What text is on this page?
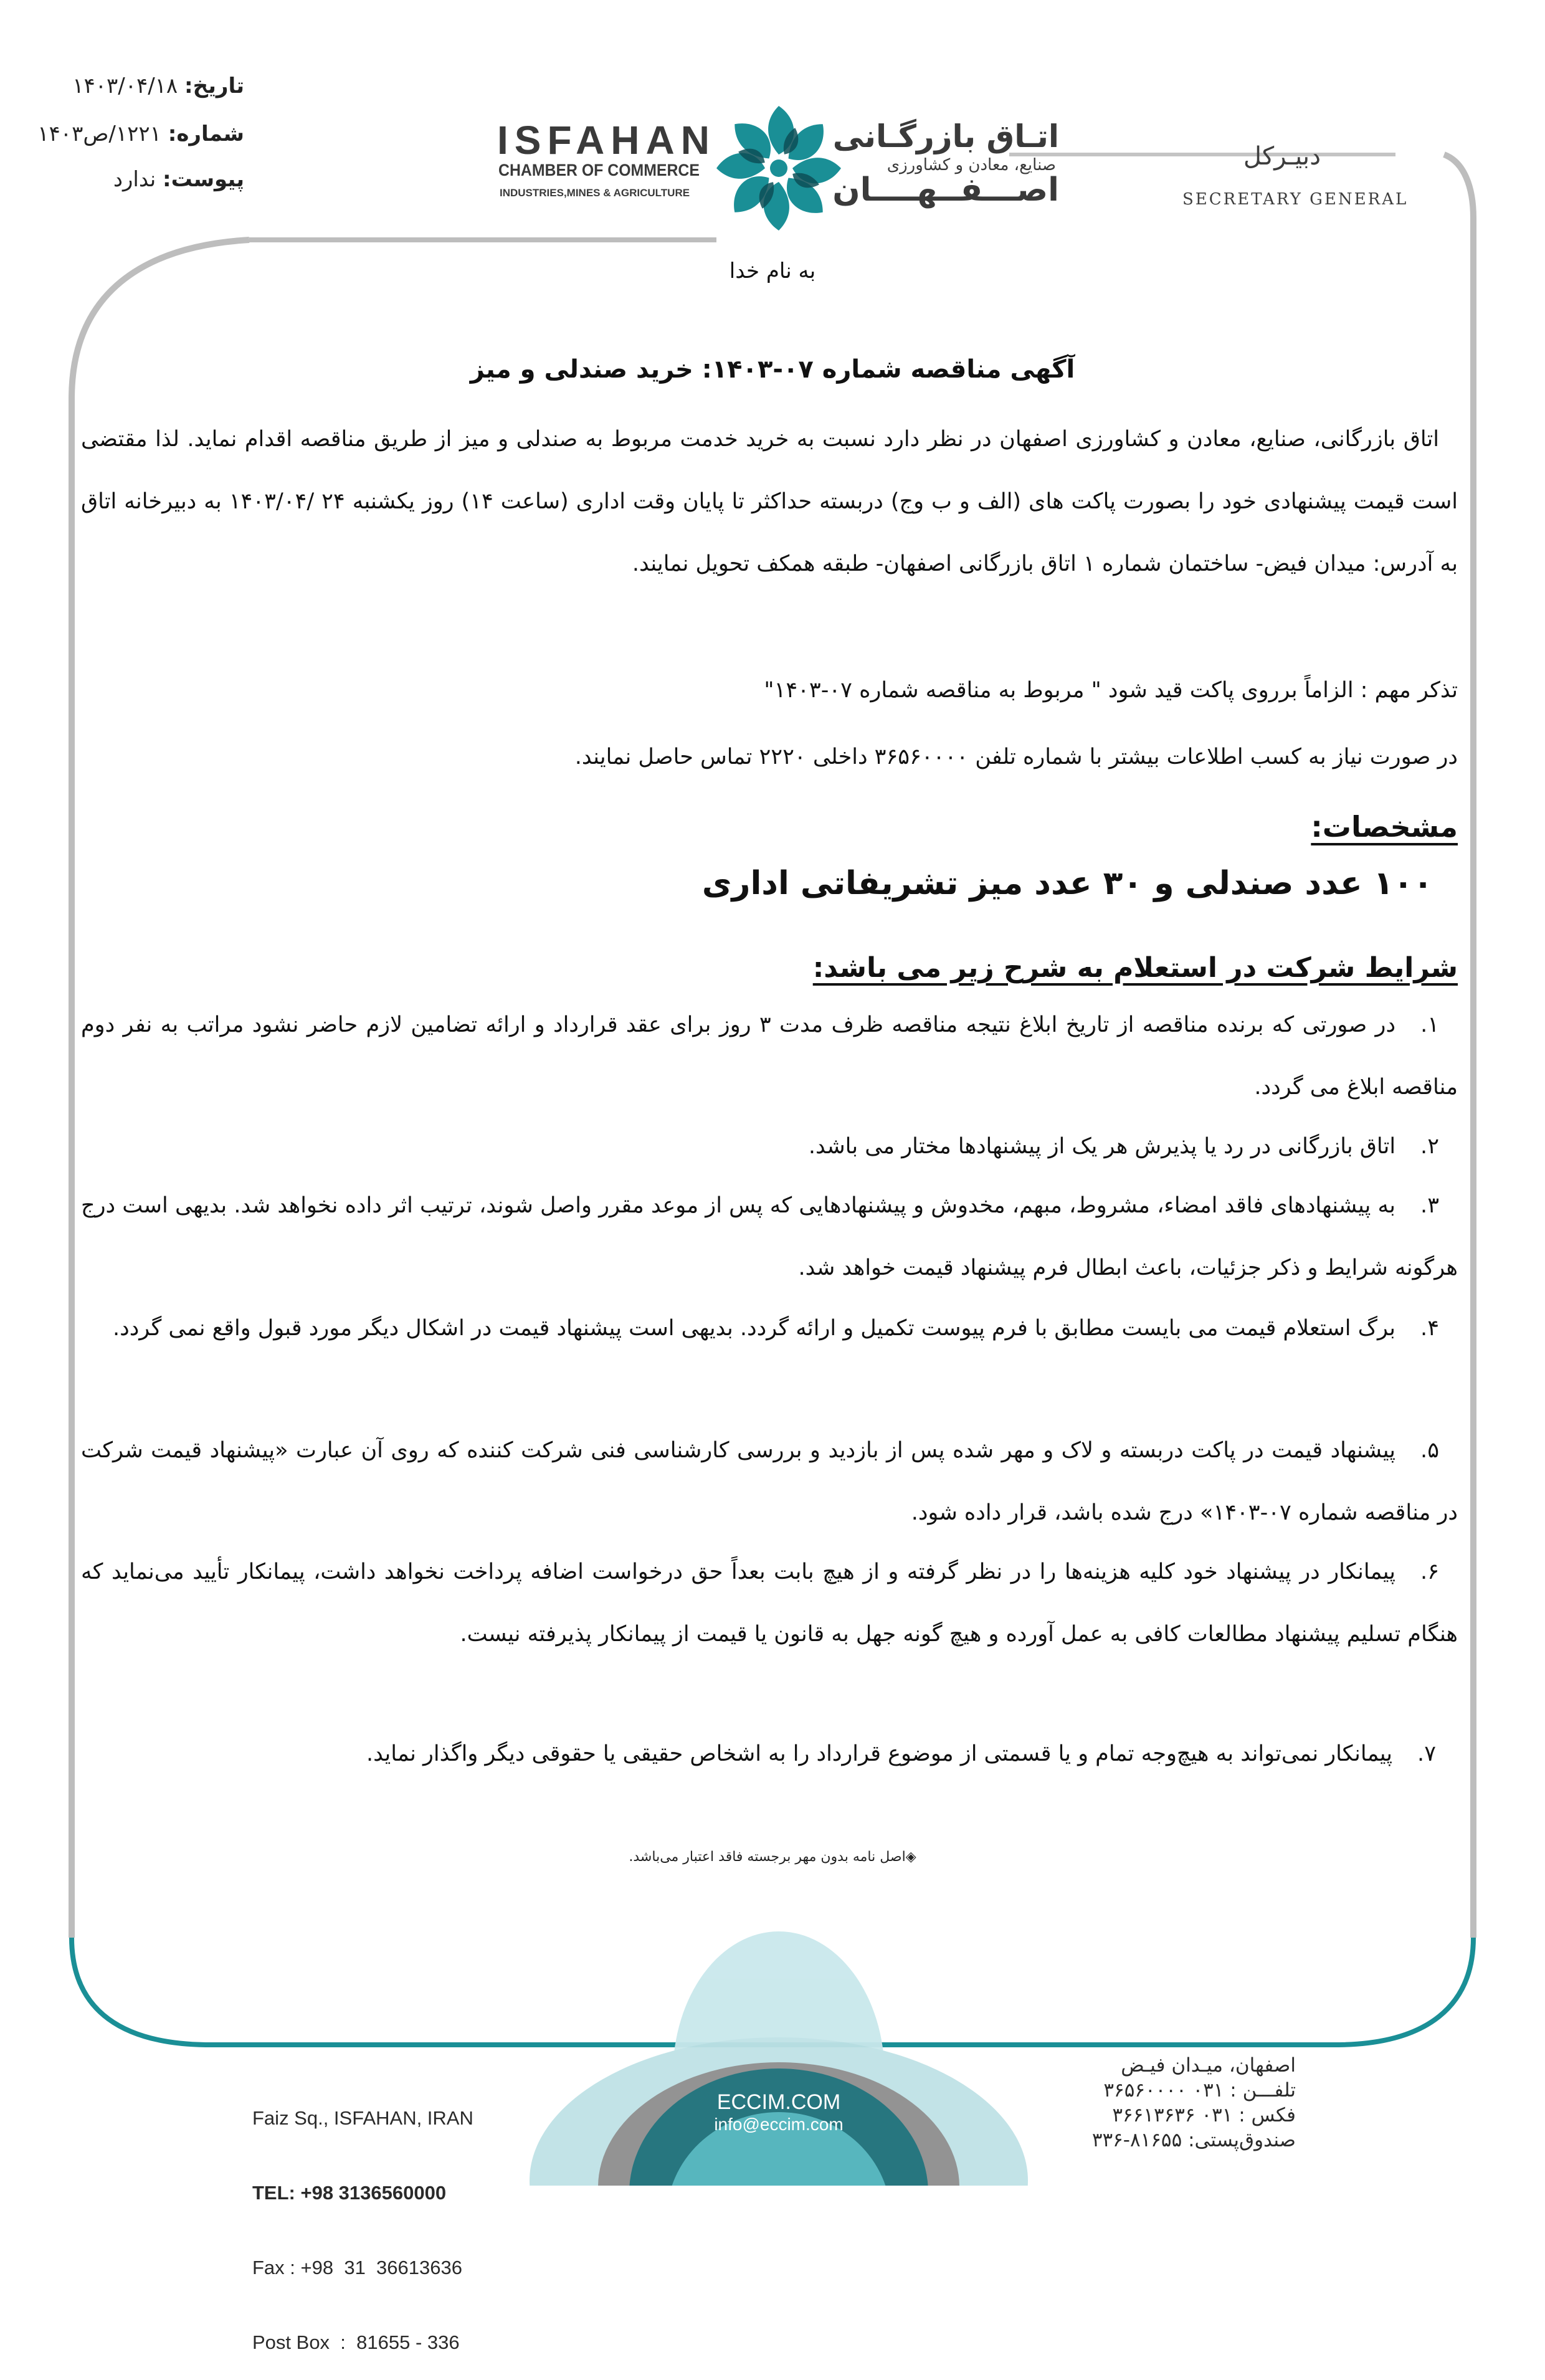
تاریخ: ۱۴۰۳/۰۴/۱۸
شماره: ۱۲۲۱/ص۱۴۰۳
پیوست: ندارد
ISFAHAN
CHAMBER OF COMMERCE
INDUSTRIES,MINES & AGRICULTURE
اتـاق بازرگـانی
صنایع، معادن و کشاورزی
اصـــفــهــــان
دبیـرکل
SECRETARY GENERAL
به نام خدا
آگهی مناقصه شماره ۰۷-۱۴۰۳: خرید صندلی و میز
اتاق بازرگانی، صنایع، معادن و کشاورزی اصفهان در نظر دارد نسبت به خرید خدمت مربوط به صندلی و میز از طریق مناقصه اقدام نماید. لذا مقتضی است قیمت پیشنهادی خود را بصورت پاکت های (الف و ب وج) دربسته حداکثر تا پایان وقت اداری (ساعت ۱۴) روز یکشنبه ۲۴ /۱۴۰۳/۰۴ به دبیرخانه اتاق به آدرس: میدان فیض- ساختمان شماره ۱ اتاق بازرگانی اصفهان- طبقه همکف تحویل نمایند.
تذکر مهم : الزاماً برروی پاکت قید شود " مربوط به مناقصه شماره ۰۷-۱۴۰۳"
در صورت نیاز به کسب اطلاعات بیشتر با شماره تلفن ۳۶۵۶۰۰۰۰ داخلی ۲۲۲۰ تماس حاصل نمایند.
مشخصات:
۱۰۰ عدد صندلی و ۳۰ عدد میز تشریفاتی اداری
شرایط شرکت در استعلام به شرح زیر می باشد:
۱.در صورتی که برنده مناقصه از تاریخ ابلاغ نتیجه مناقصه ظرف مدت ۳ روز برای عقد قرارداد و ارائه تضامین لازم حاضر نشود مراتب به نفر دوم مناقصه ابلاغ می گردد.
۲.اتاق بازرگانی در رد یا پذیرش هر یک از پیشنهادها مختار می باشد.
۳.به پیشنهادهای فاقد امضاء، مشروط، مبهم، مخدوش و پیشنهادهایی که پس از موعد مقرر واصل شوند، ترتیب اثر داده نخواهد شد. بدیهی است درج هرگونه شرایط و ذکر جزئیات، باعث ابطال فرم پیشنهاد قیمت خواهد شد.
۴.برگ استعلام قیمت می بایست مطابق با فرم پیوست تکمیل و ارائه گردد. بدیهی است پیشنهاد قیمت در اشکال دیگر مورد قبول واقع نمی گردد.
۵.پیشنهاد قیمت در پاکت دربسته و لاک و مهر شده پس از بازدید و بررسی کارشناسی فنی شرکت کننده که روی آن عبارت «پیشنهاد قیمت شرکت در مناقصه شماره ۰۷-۱۴۰۳» درج شده باشد، قرار داده شود.
۶.پیمانکار در پیشنهاد خود کلیه هزینه‌ها را در نظر گرفته و از هیچ بابت بعداً حق درخواست اضافه پرداخت نخواهد داشت، پیمانکار تأیید می‌نماید که هنگام تسلیم پیشنهاد مطالعات کافی به عمل آورده و هیچ گونه جهل به قانون یا قیمت از پیمانکار پذیرفته نیست.
۷.پیمانکار نمی‌تواند به هیچ‌وجه تمام و یا قسمتی از موضوع قرارداد را به اشخاص حقیقی یا حقوقی دیگر واگذار نماید.
◈اصل نامه بدون مهر برجسته فاقد اعتبار می‌باشد.

Faiz Sq., ISFAHAN, IRAN

TEL: +98 3136560000

Fax : +98  31  36613636

Post Box  :  81655 - 336

ECCIM.COM
info@eccim.com
اصفهان، میـدان فیـض
تلفـــن : ۰۳۱ ۳۶۵۶۰۰۰۰
فکس : ۰۳۱ ۳۶۶۱۳۶۳۶
صندوق‌پستی: ۸۱۶۵۵-۳۳۶
